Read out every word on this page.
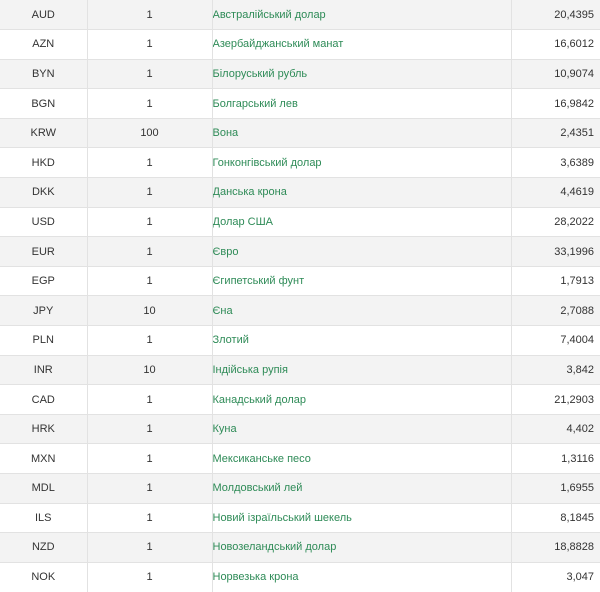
AUD	1	Австралійський долар	20,4395
AZN	1	Азербайджанський манат	16,6012
BYN	1	Білоруський рубль	10,9074
BGN	1	Болгарський лев	16,9842
KRW	100	Вона	2,4351
HKD	1	Гонконгівський долар	3,6389
DKK	1	Данська крона	4,4619
USD	1	Долар США	28,2022
EUR	1	Євро	33,1996
EGP	1	Єгипетський фунт	1,7913
JPY	10	Єна	2,7088
PLN	1	Злотий	7,4004
INR	10	Індійська рупія	3,842
CAD	1	Канадський долар	21,2903
HRK	1	Куна	4,402
MXN	1	Мексиканське песо	1,3116
MDL	1	Молдовський лей	1,6955
ILS	1	Новий ізраїльський шекель	8,1845
NZD	1	Новозеландський долар	18,8828
NOK	1	Норвезька крона	3,047
